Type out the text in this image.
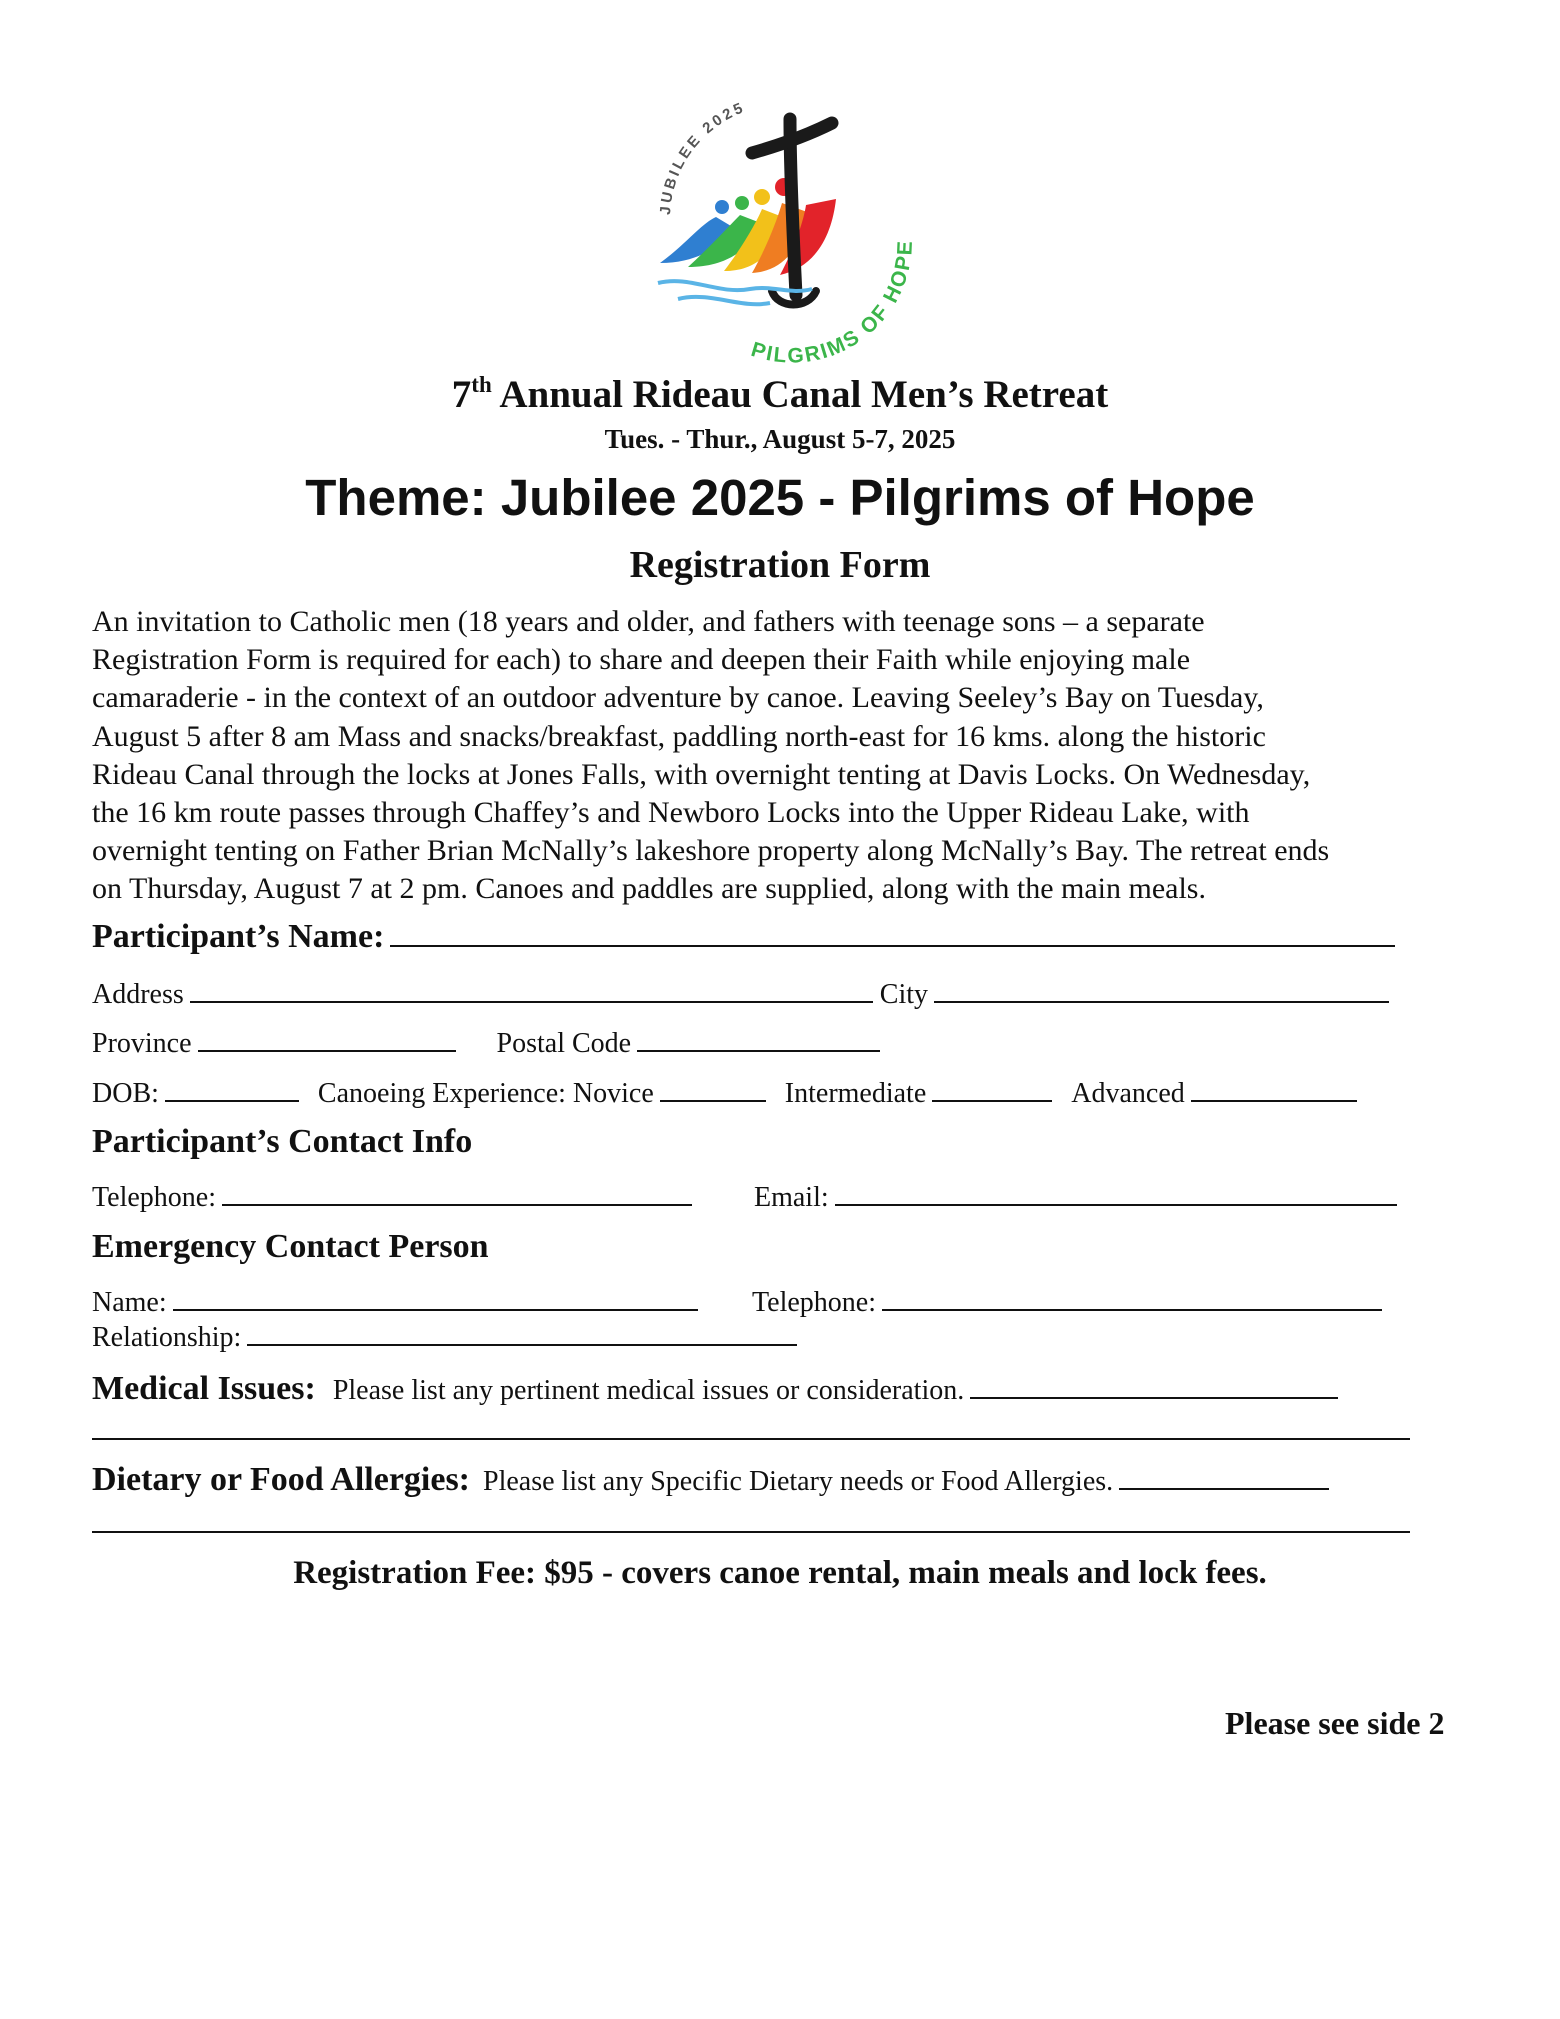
JUBILEE 2025
PILGRIMS OF HOPE
7th Annual Rideau Canal Men’s Retreat
Tues. - Thur., August 5-7, 2025
Theme: Jubilee 2025 - Pilgrims of Hope
Registration Form
An invitation to Catholic men (18 years and older, and fathers with teenage sons – a separate
Registration Form is required for each) to share and deepen their Faith while enjoying male
camaraderie - in the context of an outdoor adventure by canoe. Leaving Seeley’s Bay on Tuesday,
August 5 after 8 am Mass and snacks/breakfast, paddling north-east for 16 kms. along the historic
Rideau Canal through the locks at Jones Falls, with overnight tenting at Davis Locks. On Wednesday,
the 16 km route passes through Chaffey’s and Newboro Locks into the Upper Rideau Lake, with
overnight tenting on Father Brian McNally’s lakeshore property along McNally’s Bay. The retreat ends
on Thursday, August 7 at 2 pm. Canoes and paddles are supplied, along with the main meals.
Participant’s Name:
Address	City
Province	Postal Code
DOB:	Canoeing Experience: Novice	Intermediate	Advanced
Participant’s Contact Info
Telephone:	Email:
Emergency Contact Person
Name:	Telephone:
Relationship:
Medical Issues: Please list any pertinent medical issues or consideration.
Dietary or Food Allergies: Please list any Specific Dietary needs or Food Allergies.
Registration Fee: $95 - covers canoe rental, main meals and lock fees.
Please see side 2
